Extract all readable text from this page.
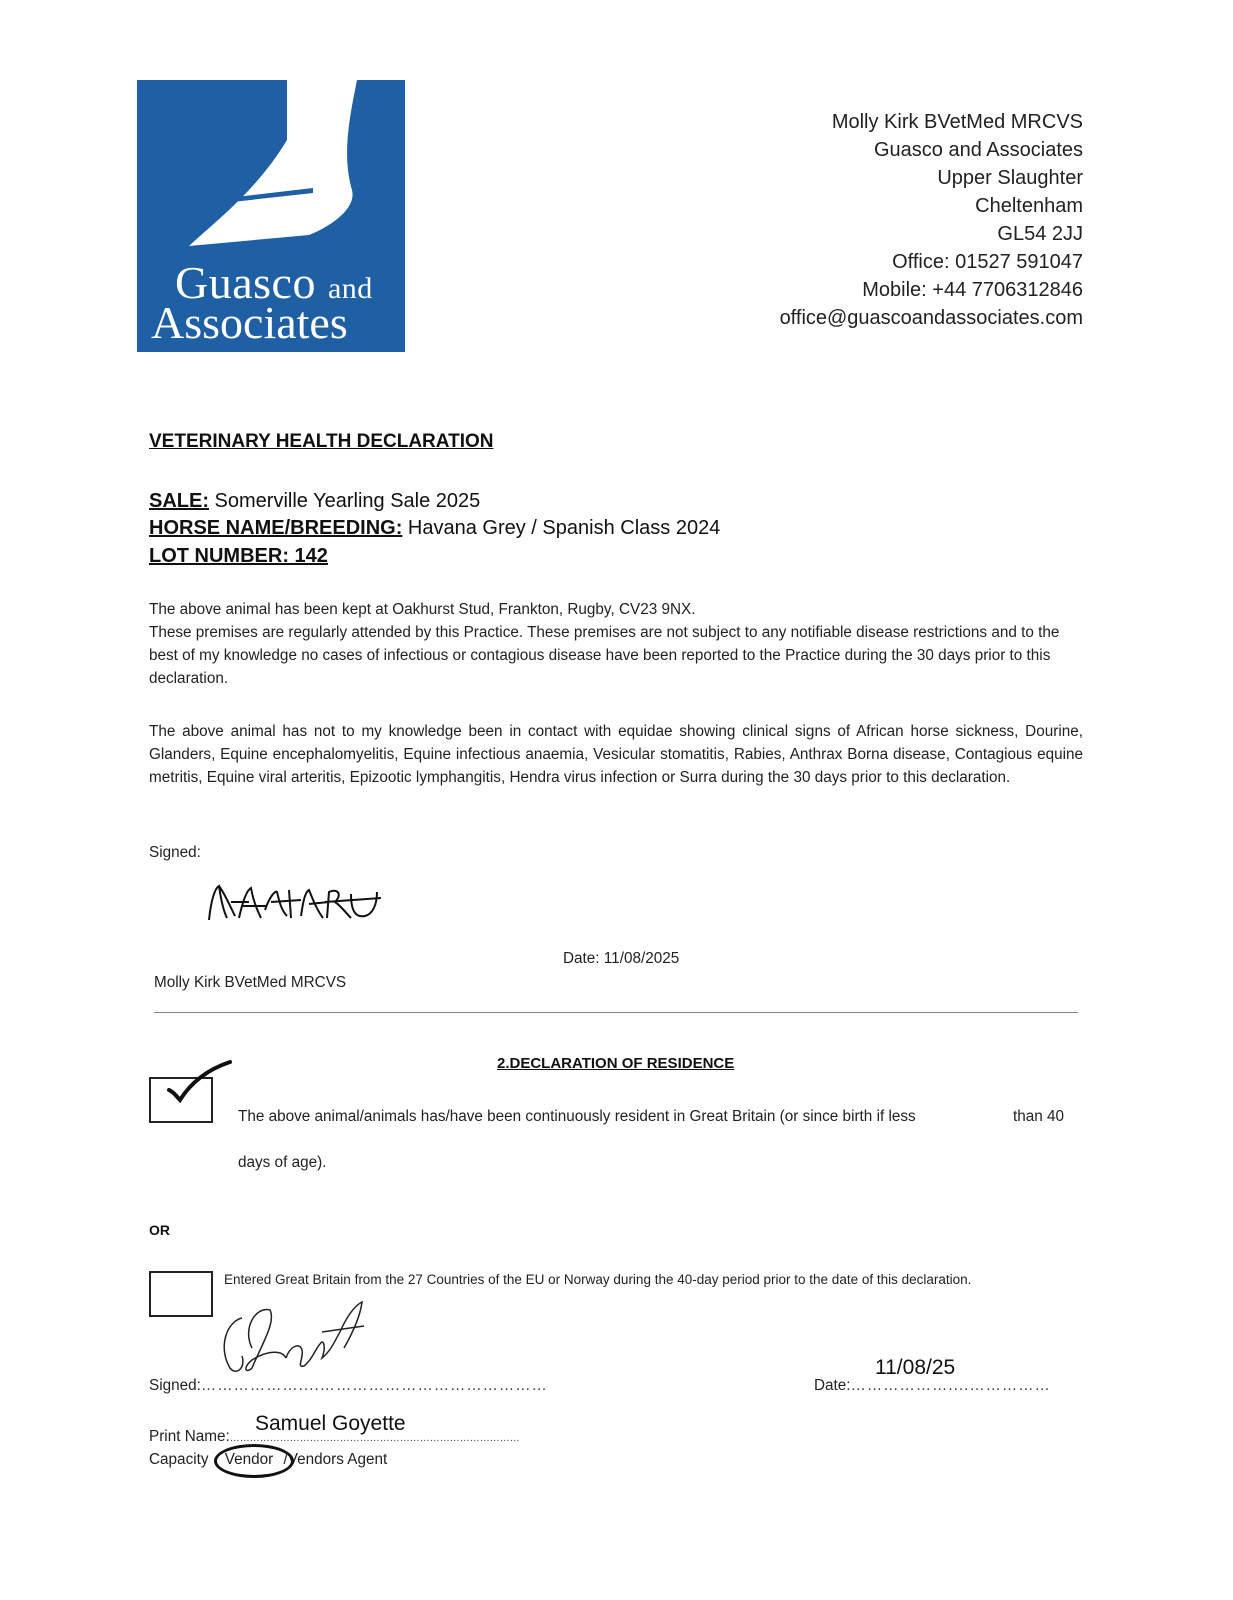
Guasco and
Associates
Molly Kirk BVetMed MRCVS
Guasco and Associates
Upper Slaughter
Cheltenham
GL54 2JJ
Office: 01527 591047
Mobile: +44 7706312846
office@guascoandassociates.com
VETERINARY HEALTH DECLARATION
SALE: Somerville Yearling Sale 2025
HORSE NAME/BREEDING: Havana Grey / Spanish Class 2024
LOT NUMBER: 142
The above animal has been kept at Oakhurst Stud, Frankton, Rugby, CV23 9NX.
These premises are regularly attended by this Practice. These premises are not subject to any notifiable disease restrictions and to the best of my knowledge no cases of infectious or contagious disease have been reported to the Practice during the 30 days prior to this declaration.
The above animal has not to my knowledge been in contact with equidae showing clinical signs of African horse sickness, Dourine, Glanders, Equine encephalomyelitis, Equine infectious anaemia, Vesicular stomatitis, Rabies, Anthrax Borna disease, Contagious equine metritis, Equine viral arteritis, Epizootic lymphangitis, Hendra virus infection or Surra during the 30 days prior to this declaration.
Signed:
Date: 11/08/2025
Molly Kirk BVetMed MRCVS
2.DECLARATION OF RESIDENCE
The above animal/animals has/have been continuously resident in Great Britain (or since birth if less	than 40
days of age).
OR
Entered Great Britain from the 27 Countries of the EU or Norway during the 40-day period prior to the date of this declaration.
Signed:………………....……………………………………
11/08/25
Date:………………....……………
Samuel Goyette
Print Name:……………………………………………………………………………
Capacity Vendor /Vendors Agent
